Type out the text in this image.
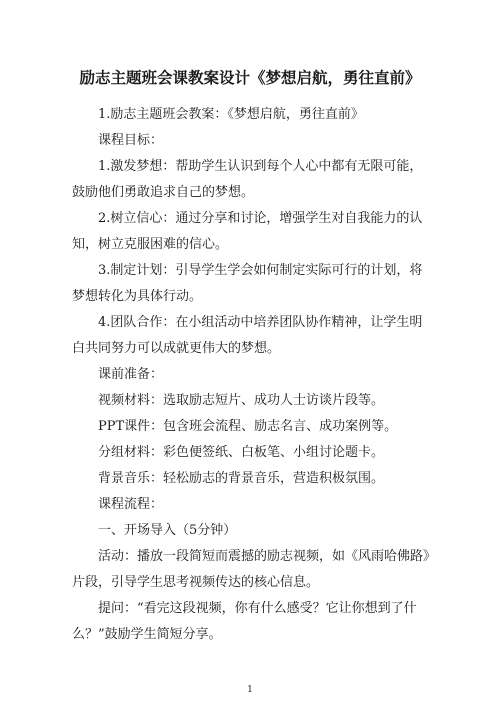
励志主题班会课教案设计《梦想启航，勇往直前》

1.励志主题班会教案：《梦想启航，勇往直前》

课程目标：

1.激发梦想：帮助学生认识到每个人心中都有无限可能，鼓励他们勇敢追求自己的梦想。

2.树立信心：通过分享和讨论，增强学生对自我能力的认知，树立克服困难的信心。

3.制定计划：引导学生学会如何制定实际可行的计划，将梦想转化为具体行动。

4.团队合作：在小组活动中培养团队协作精神，让学生明白共同努力可以成就更伟大的梦想。

课前准备：

视频材料：选取励志短片、成功人士访谈片段等。

PPT课件：包含班会流程、励志名言、成功案例等。

分组材料：彩色便签纸、白板笔、小组讨论题卡。

背景音乐：轻松励志的背景音乐，营造积极氛围。

课程流程：

一、开场导入（5分钟）

活动：播放一段简短而震撼的励志视频，如《风雨哈佛路》片段，引导学生思考视频传达的核心信息。

提问：“看完这段视频，你有什么感受？它让你想到了什么？”鼓励学生简短分享。

1
